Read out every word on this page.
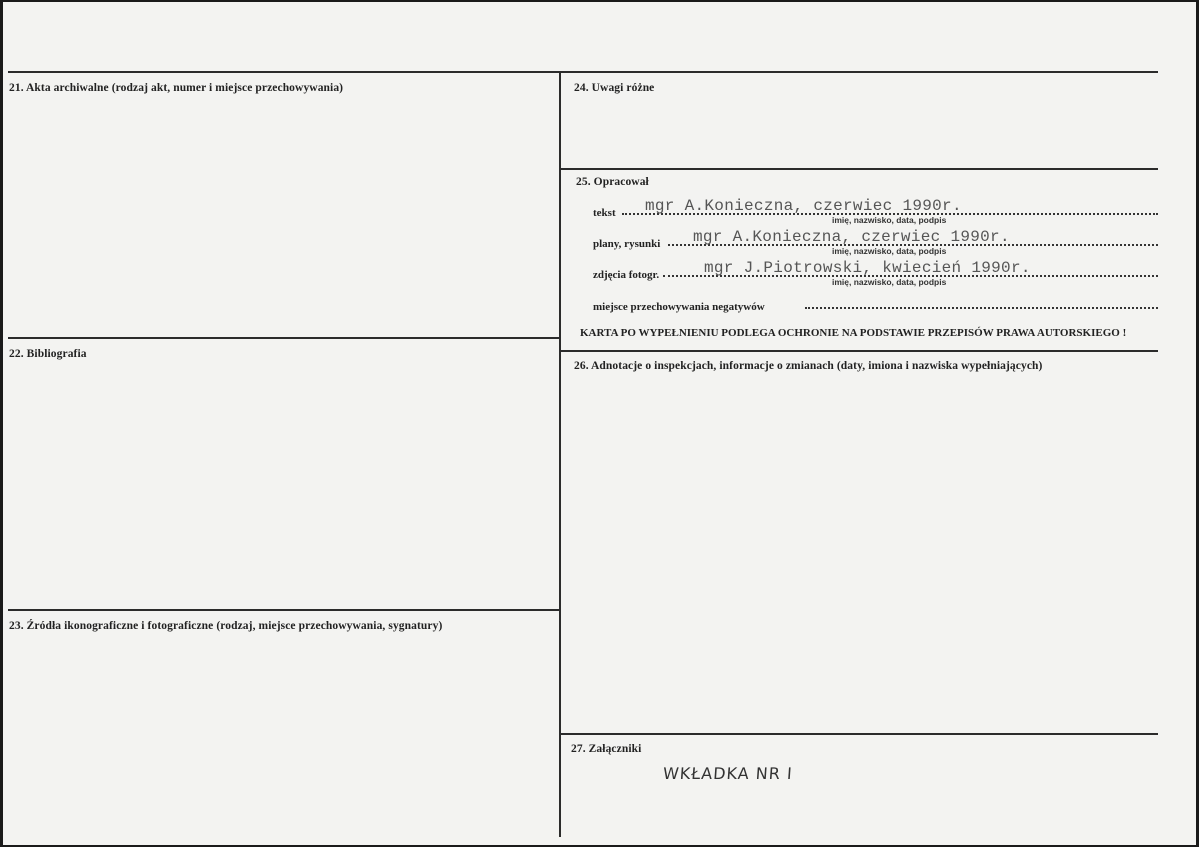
21. Akta archiwalne (rodzaj akt, numer i miejsce przechowywania)
22. Bibliografia
23. Źródła ikonograficzne i fotograficzne (rodzaj, miejsce przechowywania, sygnatury)
24. Uwagi różne
25. Opracował
tekst mgr A.Konieczna, czerwiec 1990r.
imię, nazwisko, data, podpis
plany, rysunki mgr A.Konieczna, czerwiec 1990r.
imię, nazwisko, data, podpis
zdjęcia fotogr.	mgr J.Piotrowski, kwiecień 1990r.
imię, nazwisko, data, podpis
miejsce przechowywania negatywów
KARTA PO WYPEŁNIENIU PODLEGA OCHRONIE NA PODSTAWIE PRZEPISÓW PRAWA AUTORSKIEGO !
26. Adnotacje o inspekcjach, informacje o zmianach (daty, imiona i nazwiska wypełniających)
27. Załączniki
WKŁADKA NR I
